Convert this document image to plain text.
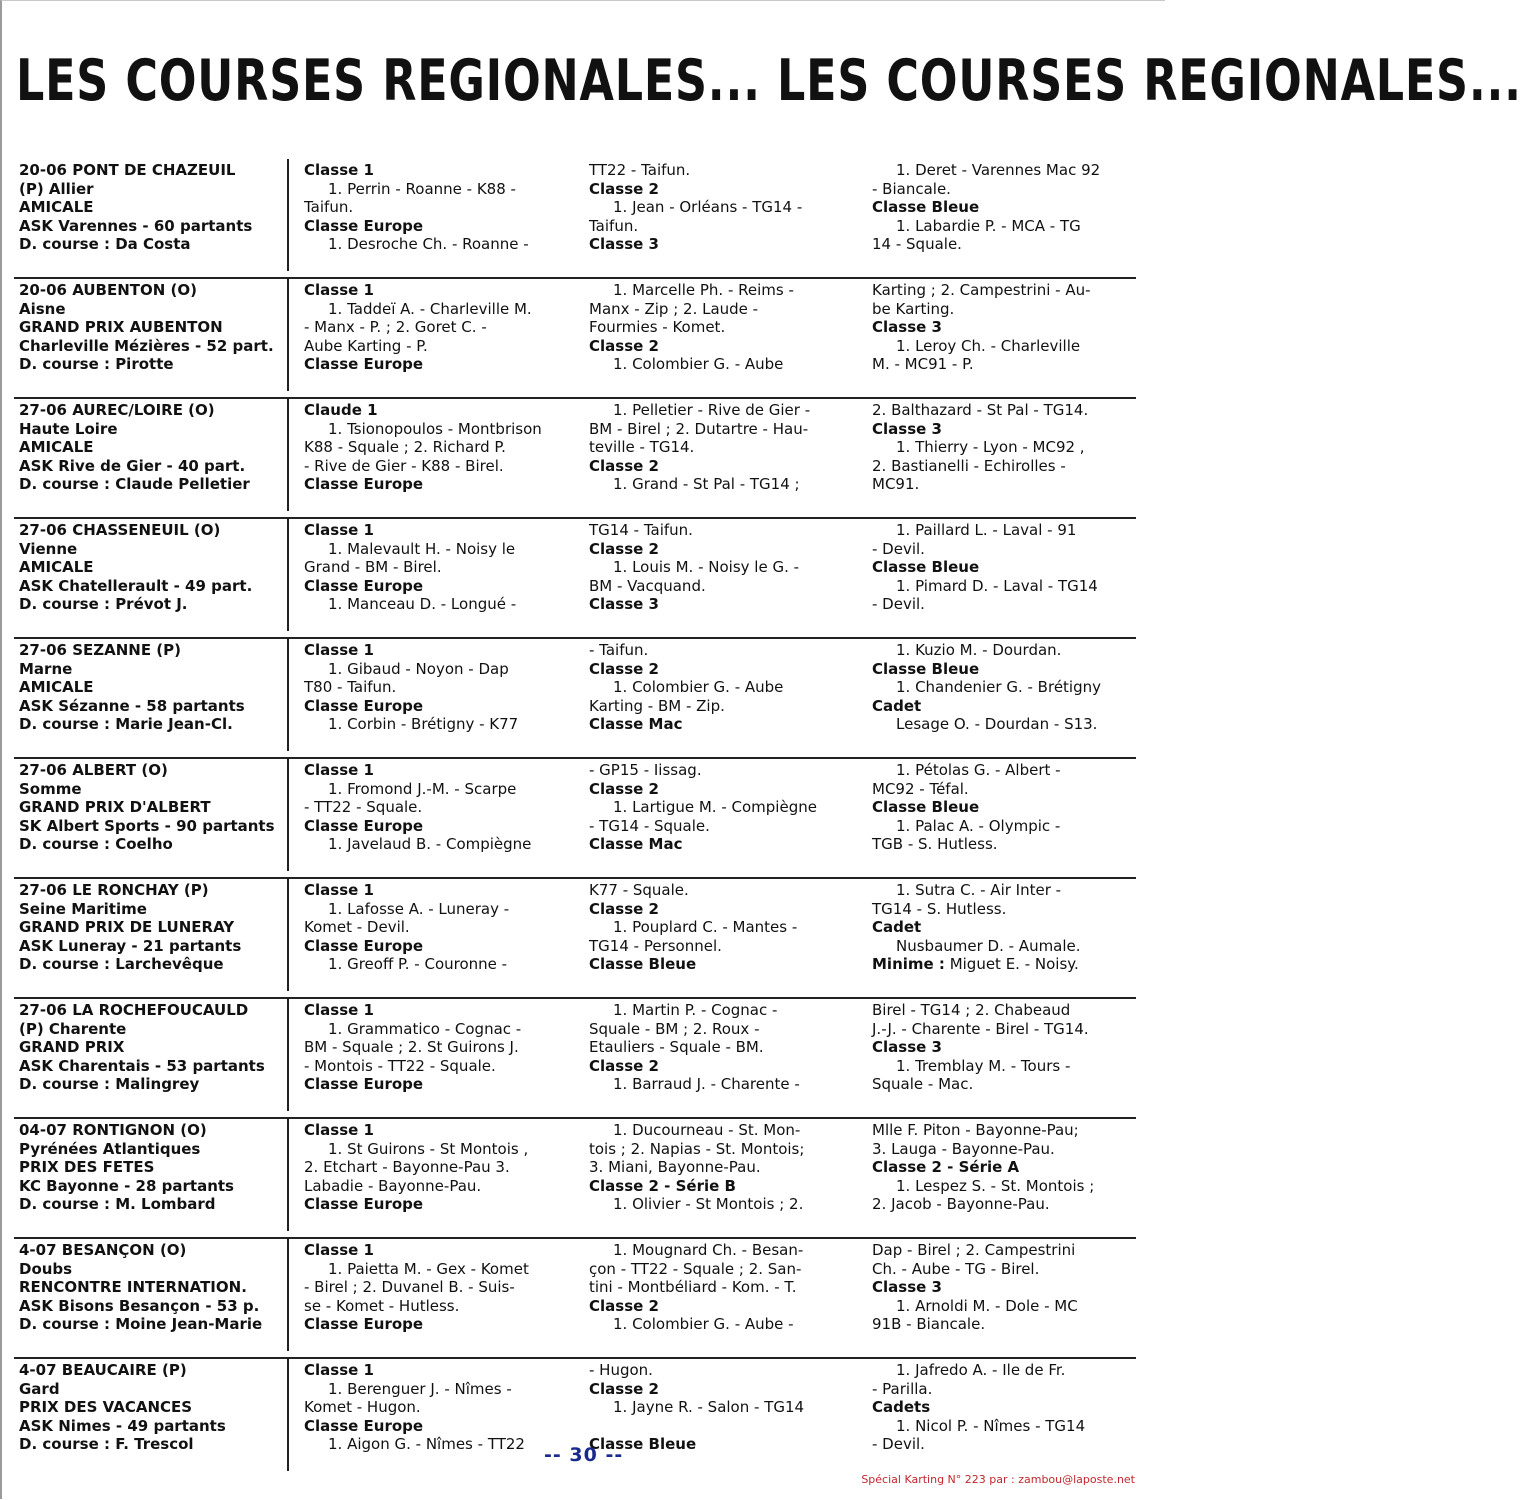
LES COURSES REGIONALES... LES COURSES REGIONALES...
20-06 PONT DE CHAZEUIL
(P) Allier
AMICALE
ASK Varennes - 60 partants
D. course : Da Costa
Classe 1
1. Perrin - Roanne - K88 -
Taifun.
Classe Europe
1. Desroche Ch. - Roanne -
TT22 - Taifun.
Classe 2
1. Jean - Orléans - TG14 -
Taifun.
Classe 3
1. Deret - Varennes Mac 92
- Biancale.
Classe Bleue
1. Labardie P. - MCA - TG
14 - Squale.
20-06 AUBENTON (O)
Aisne
GRAND PRIX AUBENTON
Charleville Mézières - 52 part.
D. course : Pirotte
Classe 1
1. Taddeï A. - Charleville M.
- Manx - P. ; 2. Goret C. -
Aube Karting - P.
Classe Europe
1. Marcelle Ph. - Reims -
Manx - Zip ; 2. Laude -
Fourmies - Komet.
Classe 2
1. Colombier G. - Aube
Karting ; 2. Campestrini - Au-
be Karting.
Classe 3
1. Leroy Ch. - Charleville
M. - MC91 - P.
27-06 AUREC/LOIRE (O)
Haute Loire
AMICALE
ASK Rive de Gier - 40 part.
D. course : Claude Pelletier
Claude 1
1. Tsionopoulos - Montbrison
K88 - Squale ; 2. Richard P.
- Rive de Gier - K88 - Birel.
Classe Europe
1. Pelletier - Rive de Gier -
BM - Birel ; 2. Dutartre - Hau-
teville - TG14.
Classe 2
1. Grand - St Pal - TG14 ;
2. Balthazard - St Pal - TG14.
Classe 3
1. Thierry - Lyon - MC92 ,
2. Bastianelli - Echirolles -
MC91.
27-06 CHASSENEUIL (O)
Vienne
AMICALE
ASK Chatellerault - 49 part.
D. course : Prévot J.
Classe 1
1. Malevault H. - Noisy le
Grand - BM - Birel.
Classe Europe
1. Manceau D. - Longué -
TG14 - Taifun.
Classe 2
1. Louis M. - Noisy le G. -
BM - Vacquand.
Classe 3
1. Paillard L. - Laval - 91
- Devil.
Classe Bleue
1. Pimard D. - Laval - TG14
- Devil.
27-06 SEZANNE (P)
Marne
AMICALE
ASK Sézanne - 58 partants
D. course : Marie Jean-Cl.
Classe 1
1. Gibaud - Noyon - Dap
T80 - Taifun.
Classe Europe
1. Corbin - Brétigny - K77
- Taifun.
Classe 2
1. Colombier G. - Aube
Karting - BM - Zip.
Classe Mac
1. Kuzio M. - Dourdan.
Classe Bleue
1. Chandenier G. - Brétigny
Cadet
Lesage O. - Dourdan - S13.
27-06 ALBERT (O)
Somme
GRAND PRIX D'ALBERT
SK Albert Sports - 90 partants
D. course : Coelho
Classe 1
1. Fromond J.-M. - Scarpe
- TT22 - Squale.
Classe Europe
1. Javelaud B. - Compiègne
- GP15 - Iissag.
Classe 2
1. Lartigue M. - Compiègne
- TG14 - Squale.
Classe Mac
1. Pétolas G. - Albert -
MC92 - Téfal.
Classe Bleue
1. Palac A. - Olympic -
TGB - S. Hutless.
27-06 LE RONCHAY (P)
Seine Maritime
GRAND PRIX DE LUNERAY
ASK Luneray - 21 partants
D. course : Larchevêque
Classe 1
1. Lafosse A. - Luneray -
Komet - Devil.
Classe Europe
1. Greoff P. - Couronne -
K77 - Squale.
Classe 2
1. Pouplard C. - Mantes -
TG14 - Personnel.
Classe Bleue
1. Sutra C. - Air Inter -
TG14 - S. Hutless.
Cadet
Nusbaumer D. - Aumale.
Minime : Miguet E. - Noisy.
27-06 LA ROCHEFOUCAULD
(P) Charente
GRAND PRIX
ASK Charentais - 53 partants
D. course : Malingrey
Classe 1
1. Grammatico - Cognac -
BM - Squale ; 2. St Guirons J.
- Montois - TT22 - Squale.
Classe Europe
1. Martin P. - Cognac -
Squale - BM ; 2. Roux -
Etauliers - Squale - BM.
Classe 2
1. Barraud J. - Charente -
Birel - TG14 ; 2. Chabeaud
J.-J. - Charente - Birel - TG14.
Classe 3
1. Tremblay M. - Tours -
Squale - Mac.
04-07 RONTIGNON (O)
Pyrénées Atlantiques
PRIX DES FETES
KC Bayonne - 28 partants
D. course : M. Lombard
Classe 1
1. St Guirons - St Montois ,
2. Etchart - Bayonne-Pau 3.
Labadie - Bayonne-Pau.
Classe Europe
1. Ducourneau - St. Mon-
tois ; 2. Napias - St. Montois;
3. Miani, Bayonne-Pau.
Classe 2 - Série B
1. Olivier - St Montois ; 2.
Mlle F. Piton - Bayonne-Pau;
3. Lauga - Bayonne-Pau.
Classe 2 - Série A
1. Lespez S. - St. Montois ;
2. Jacob - Bayonne-Pau.
4-07 BESANÇON (O)
Doubs
RENCONTRE INTERNATION.
ASK Bisons Besançon - 53 p.
D. course : Moine Jean-Marie
Classe 1
1. Paietta M. - Gex - Komet
- Birel ; 2. Duvanel B. - Suis-
se - Komet - Hutless.
Classe Europe
1. Mougnard Ch. - Besan-
çon - TT22 - Squale ; 2. San-
tini - Montbéliard - Kom. - T.
Classe 2
1. Colombier G. - Aube -
Dap - Birel ; 2. Campestrini
Ch. - Aube - TG - Birel.
Classe 3
1. Arnoldi M. - Dole - MC
91B - Biancale.
4-07 BEAUCAIRE (P)
Gard
PRIX DES VACANCES
ASK Nimes - 49 partants
D. course : F. Trescol
Classe 1
1. Berenguer J. - Nîmes -
Komet - Hugon.
Classe Europe
1. Aigon G. - Nîmes - TT22
- Hugon.
Classe 2
1. Jayne R. - Salon - TG14

Classe Bleue
1. Jafredo A. - Ile de Fr.
- Parilla.
Cadets
1. Nicol P. - Nîmes - TG14
- Devil.
-- 30 --
Spécial Karting N° 223 par : zambou@laposte.net
